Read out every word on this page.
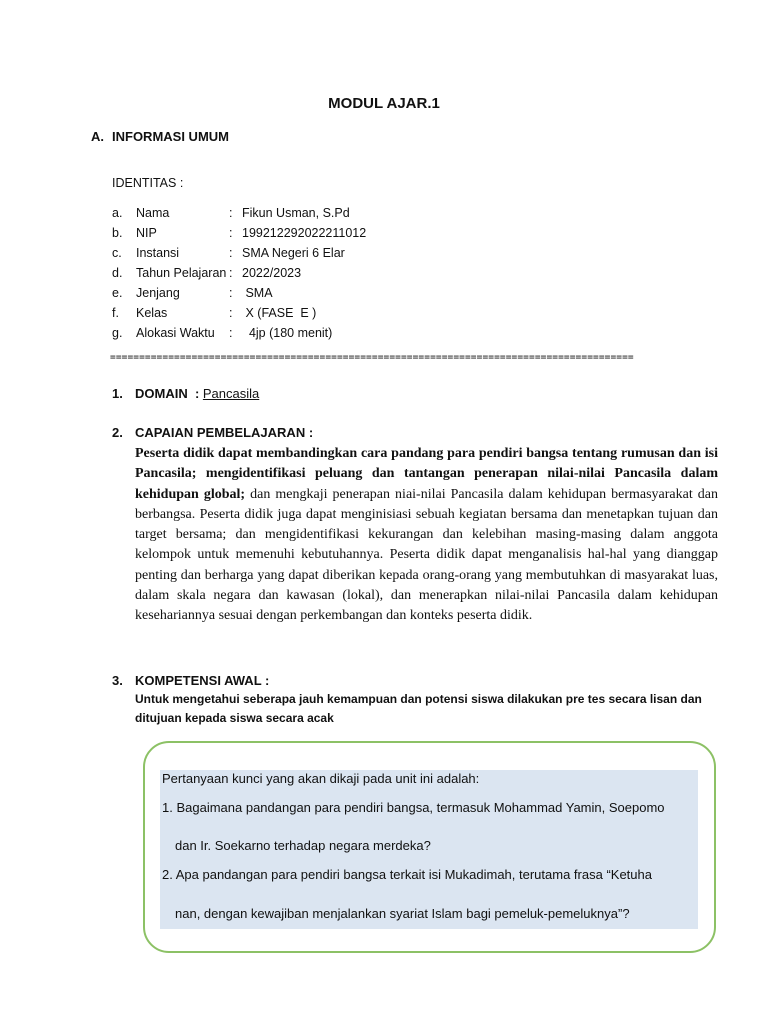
MODUL AJAR.1
A. INFORMASI UMUM
IDENTITAS :
a. Nama	: Fikun Usman, S.Pd
b. NIP	: 199212292022211012
c. Instansi	: SMA Negeri 6 Elar
d. Tahun Pelajaran : 2022/2023
e. Jenjang	: SMA
f. Kelas	: X (FASE  E )
g. Alokasi Waktu : 4jp (180 menit)
==========================================================================================
1. DOMAIN  : Pancasila
2. CAPAIAN PEMBELAJARAN :

Peserta didik dapat membandingkan cara pandang para pendiri bangsa tentang rumusan dan isi Pancasila; mengidentifikasi peluang dan tantangan penerapan nilai-nilai Pancasila dalam kehidupan global; dan mengkaji penerapan niai-nilai Pancasila dalam kehidupan bermasyarakat dan berbangsa. Peserta didik juga dapat menginisiasi sebuah kegiatan bersama dan menetapkan tujuan dan target bersama; dan mengidentifikasi kekurangan dan kelebihan masing-masing dalam anggota kelompok untuk memenuhi kebutuhannya. Peserta didik dapat menganalisis hal-hal yang dianggap penting dan berharga yang dapat diberikan kepada orang-orang yang membutuhkan di masyarakat luas, dalam skala negara dan kawasan (lokal), dan menerapkan nilai-nilai Pancasila dalam kehidupan kesehariannya sesuai dengan perkembangan dan konteks peserta didik.

3. KOMPETENSI AWAL :
Untuk mengetahui seberapa jauh kemampuan dan potensi siswa dilakukan pre tes secara lisan dan ditujuan kepada siswa secara acak
Pertanyaan kunci yang akan dikaji pada unit ini adalah:
1. Bagaimana pandangan para pendiri bangsa, termasuk Mohammad Yamin, Soepomo
dan Ir. Soekarno terhadap negara merdeka?
2. Apa pandangan para pendiri bangsa terkait isi Mukadimah, terutama frasa “Ketuha
nan, dengan kewajiban menjalankan syariat Islam bagi pemeluk-pemeluknya”?
